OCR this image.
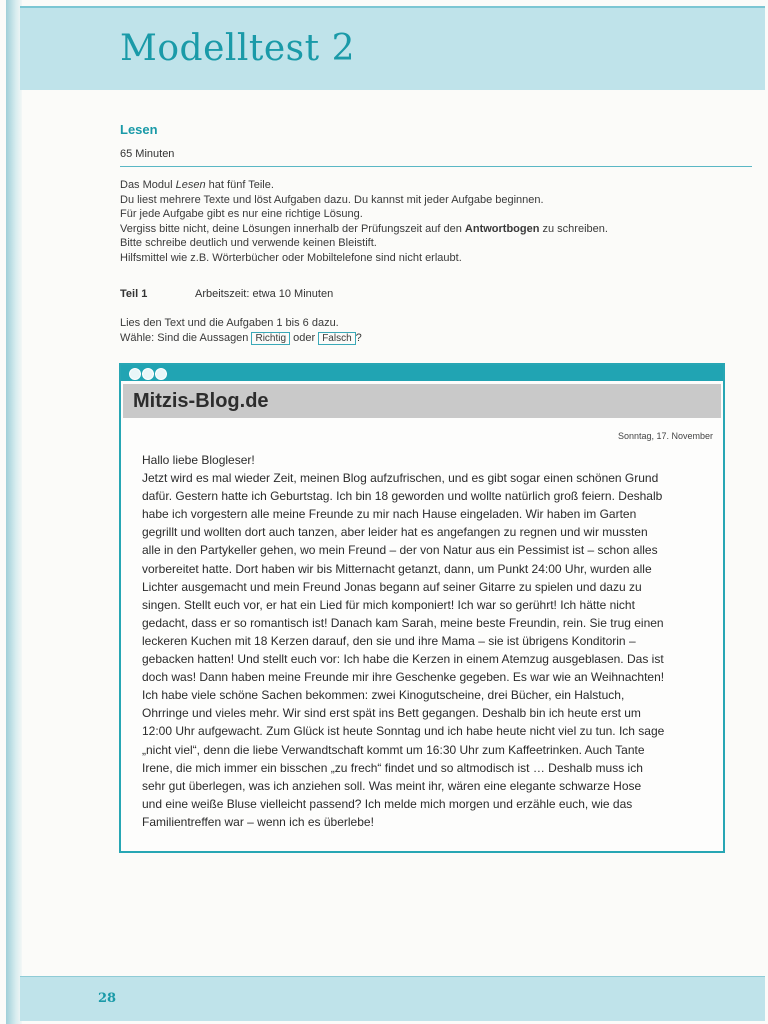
Modelltest 2
Lesen
65 Minuten
Das Modul Lesen hat fünf Teile.
Du liest mehrere Texte und löst Aufgaben dazu. Du kannst mit jeder Aufgabe beginnen.
Für jede Aufgabe gibt es nur eine richtige Lösung.
Vergiss bitte nicht, deine Lösungen innerhalb der Prüfungszeit auf den Antwortbogen zu schreiben.
Bitte schreibe deutlich und verwende keinen Bleistift.
Hilfsmittel wie z.B. Wörterbücher oder Mobiltelefone sind nicht erlaubt.
Teil 1	Arbeitszeit: etwa 10 Minuten
Lies den Text und die Aufgaben 1 bis 6 dazu.
Wähle: Sind die Aussagen Richtig oder Falsch ?
Mitzis-Blog.de
Sonntag, 17. November
Hallo liebe Blogleser!
Jetzt wird es mal wieder Zeit, meinen Blog aufzufrischen, und es gibt sogar einen schönen Grund
dafür. Gestern hatte ich Geburtstag. Ich bin 18 geworden und wollte natürlich groß feiern. Deshalb
habe ich vorgestern alle meine Freunde zu mir nach Hause eingeladen. Wir haben im Garten
gegrillt und wollten dort auch tanzen, aber leider hat es angefangen zu regnen und wir mussten
alle in den Partykeller gehen, wo mein Freund – der von Natur aus ein Pessimist ist – schon alles
vorbereitet hatte. Dort haben wir bis Mitternacht getanzt, dann, um Punkt 24:00 Uhr, wurden alle
Lichter ausgemacht und mein Freund Jonas begann auf seiner Gitarre zu spielen und dazu zu
singen. Stellt euch vor, er hat ein Lied für mich komponiert! Ich war so gerührt! Ich hätte nicht
gedacht, dass er so romantisch ist! Danach kam Sarah, meine beste Freundin, rein. Sie trug einen
leckeren Kuchen mit 18 Kerzen darauf, den sie und ihre Mama – sie ist übrigens Konditorin –
gebacken hatten! Und stellt euch vor: Ich habe die Kerzen in einem Atemzug ausgeblasen. Das ist
doch was! Dann haben meine Freunde mir ihre Geschenke gegeben. Es war wie an Weihnachten!
Ich habe viele schöne Sachen bekommen: zwei Kinogutscheine, drei Bücher, ein Halstuch,
Ohrringe und vieles mehr. Wir sind erst spät ins Bett gegangen. Deshalb bin ich heute erst um
12:00 Uhr aufgewacht. Zum Glück ist heute Sonntag und ich habe heute nicht viel zu tun. Ich sage
„nicht viel“, denn die liebe Verwandtschaft kommt um 16:30 Uhr zum Kaffeetrinken. Auch Tante
Irene, die mich immer ein bisschen „zu frech“ findet und so altmodisch ist … Deshalb muss ich
sehr gut überlegen, was ich anziehen soll. Was meint ihr, wären eine elegante schwarze Hose
und eine weiße Bluse vielleicht passend? Ich melde mich morgen und erzähle euch, wie das
Familientreffen war – wenn ich es überlebe!
28
